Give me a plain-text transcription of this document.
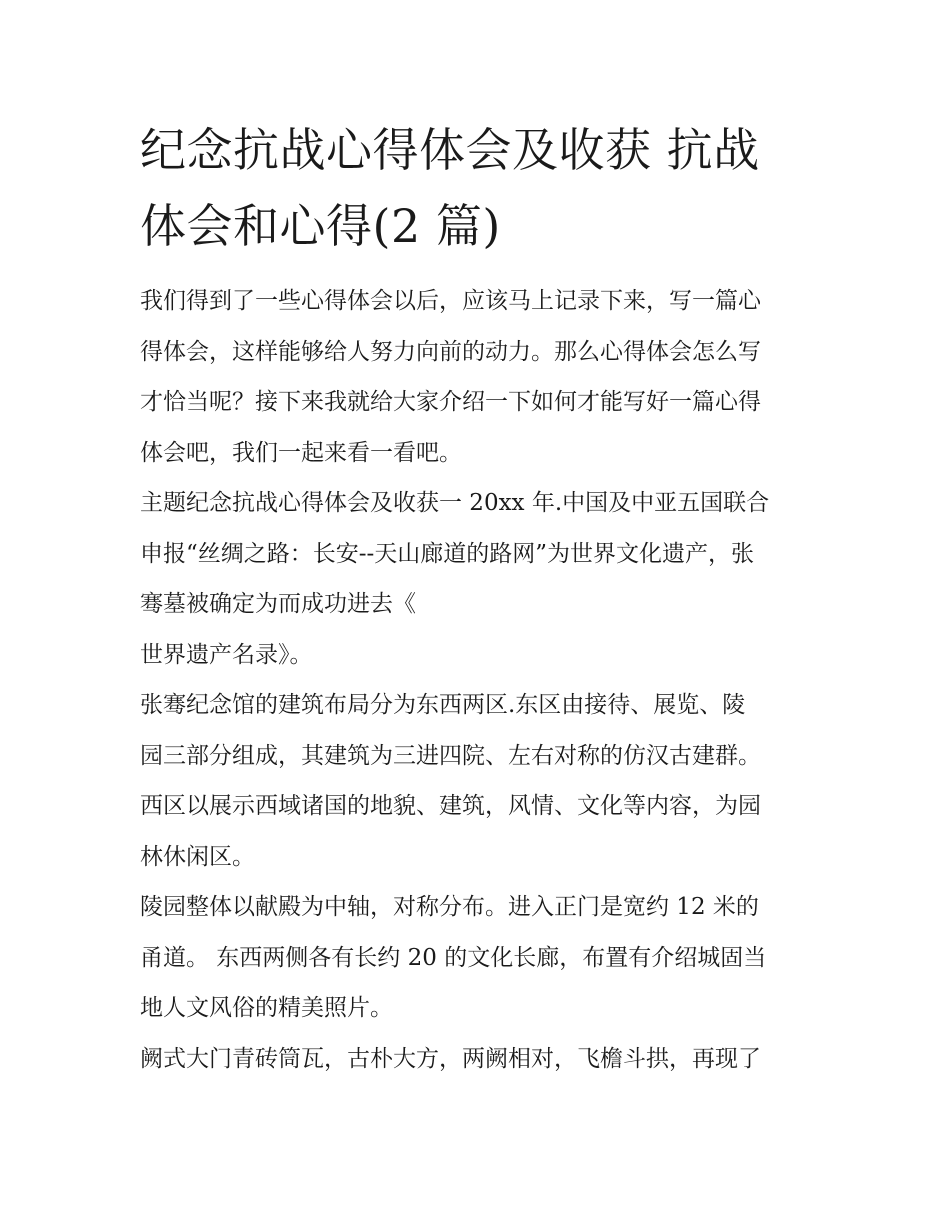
纪念抗战心得体会及收获 抗战
体会和心得(2 篇)

我们得到了一些心得体会以后，应该马上记录下来，写一篇心
得体会，这样能够给人努力向前的动力。那么心得体会怎么写
才恰当呢？接下来我就给大家介绍一下如何才能写好一篇心得
体会吧，我们一起来看一看吧。

主题纪念抗战心得体会及收获一 20xx 年.中国及中亚五国联合
申报“丝绸之路：长安--天山廊道的路网”为世界文化遗产，张
骞墓被确定为而成功进去《

世界遗产名录》。

张骞纪念馆的建筑布局分为东西两区.东区由接待、展览、陵
园三部分组成，其建筑为三进四院、左右对称的仿汉古建群。
西区以展示西域诸国的地貌、建筑，风情、文化等内容，为园
林休闲区。

陵园整体以献殿为中轴，对称分布。进入正门是宽约 12 米的
甬道。 东西两侧各有长约 20 的文化长廊，布置有介绍城固当
地人文风俗的精美照片。

阙式大门青砖筒瓦，古朴大方，两阙相对，飞檐斗拱，再现了
